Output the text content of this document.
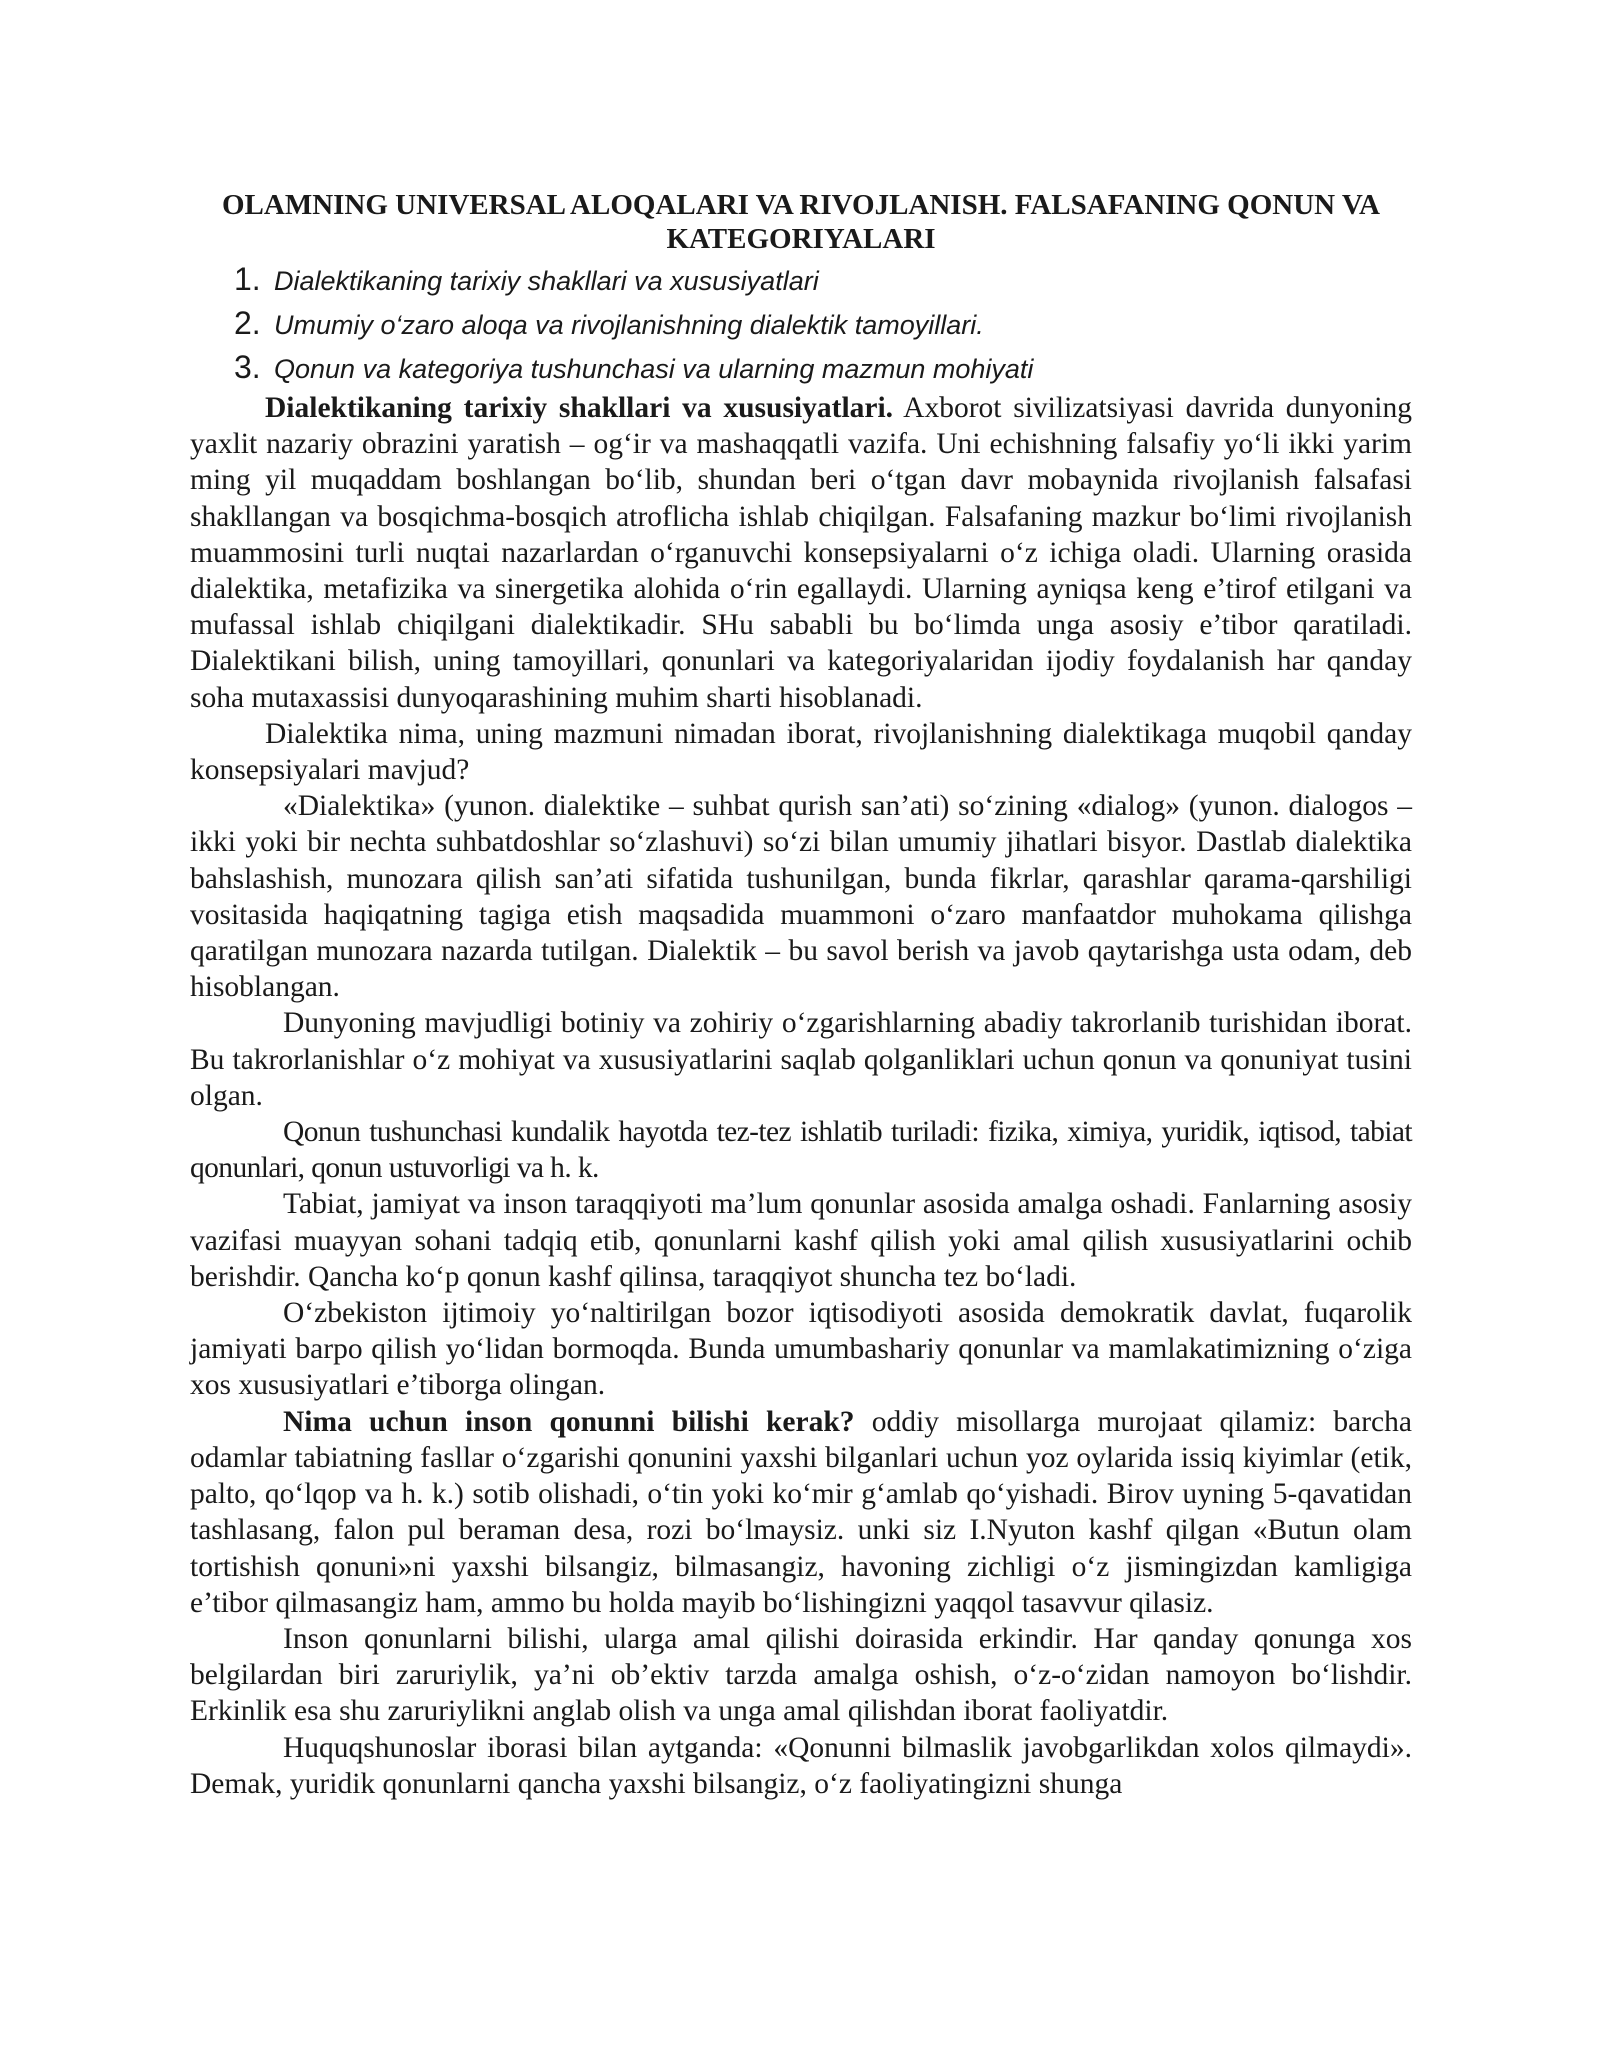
OLAMNING UNIVERSAL ALOQALARI VA RIVOJLANISH. FALSAFANING QONUN VA KATEGORIYALARI
1. Dialektikaning tarixiy shakllari va xususiyatlari
2. Umumiy o‘zaro aloqa va rivojlanishning dialektik tamoyillari.
3. Qonun va kategoriya tushunchasi va ularning mazmun mohiyati

Dialektikaning tarixiy shakllari va xususiyatlari. Axborot sivilizatsiyasi davrida dunyoning yaxlit nazariy obrazini yaratish – og‘ir va mashaqqatli vazifa. Uni echishning falsafiy yo‘li ikki yarim ming yil muqaddam boshlangan bo‘lib, shundan beri o‘tgan davr mobaynida rivojlanish falsafasi shakllangan va bosqichma-bosqich atroflicha ishlab chiqilgan. Falsafaning mazkur bo‘limi rivojlanish muammosini turli nuqtai nazarlardan o‘rganuvchi konsepsiyalarni o‘z ichiga oladi. Ularning orasida dialektika, metafizika va sinergetika alohida o‘rin egallaydi. Ularning ayniqsa keng e’tirof etilgani va mufassal ishlab chiqilgani dialektikadir. SHu sababli bu bo‘limda unga asosiy e’tibor qaratiladi. Dialektikani bilish, uning tamoyillari, qonunlari va kategoriyalaridan ijodiy foydalanish har qanday soha mutaxassisi dunyoqarashining muhim sharti hisoblanadi.

Dialektika nima, uning mazmuni nimadan iborat, rivojlanishning dialektikaga muqobil qanday konsepsiyalari mavjud?

«Dialektika» (yunon. dialektike – suhbat qurish san’ati) so‘zining «dialog» (yunon. dialogos – ikki yoki bir nechta suhbatdoshlar so‘zlashuvi) so‘zi bilan umumiy jihatlari bisyor. Dastlab dialektika bahslashish, munozara qilish san’ati sifatida tushunilgan, bunda fikrlar, qarashlar qarama-qarshiligi vositasida haqiqatning tagiga etish maqsadida muammoni o‘zaro manfaatdor muhokama qilishga qaratilgan munozara nazarda tutilgan. Dialektik – bu savol berish va javob qaytarishga usta odam, deb hisoblangan.

Dunyoning mavjudligi botiniy va zohiriy o‘zgarishlarning abadiy takrorlanib turishidan iborat. Bu takrorlanishlar o‘z mohiyat va xususiyatlarini saqlab qolganliklari uchun qonun va qonuniyat tusini olgan.

Qonun tushunchasi kundalik hayotda tez-tez ishlatib turiladi: fizika, ximiya, yuridik, iqtisod, tabiat qonunlari, qonun ustuvorligi va h. k.

Tabiat, jamiyat va inson taraqqiyoti ma’lum qonunlar asosida amalga oshadi. Fanlarning asosiy vazifasi muayyan sohani tadqiq etib, qonunlarni kashf qilish yoki amal qilish xususiyatlarini ochib berishdir. Qancha ko‘p qonun kashf qilinsa, taraqqiyot shuncha tez bo‘ladi.

O‘zbekiston ijtimoiy yo‘naltirilgan bozor iqtisodiyoti asosida demokratik davlat, fuqarolik jamiyati barpo qilish yo‘lidan bormoqda. Bunda umumbashariy qonunlar va mamlakatimizning o‘ziga xos xususiyatlari e’tiborga olingan.

Nima uchun inson qonunni bilishi kerak? oddiy misollarga murojaat qilamiz: barcha odamlar tabiatning fasllar o‘zgarishi qonunini yaxshi bilganlari uchun yoz oylarida issiq kiyimlar (etik, palto, qo‘lqop va h. k.) sotib olishadi, o‘tin yoki ko‘mir g‘amlab qo‘yishadi. Birov uyning 5-qavatidan tashlasang, falon pul beraman desa, rozi bo‘lmaysiz. unki siz I.Nyuton kashf qilgan «Butun olam tortishish qonuni»ni yaxshi bilsangiz, bilmasangiz, havoning zichligi o‘z jismingizdan kamligiga e’tibor qilmasangiz ham, ammo bu holda mayib bo‘lishingizni yaqqol tasavvur qilasiz.

Inson qonunlarni bilishi, ularga amal qilishi doirasida erkindir. Har qanday qonunga xos belgilardan biri zaruriylik, ya’ni ob’ektiv tarzda amalga oshish, o‘z-o‘zidan namoyon bo‘lishdir. Erkinlik esa shu zaruriylikni anglab olish va unga amal qilishdan iborat faoliyatdir.

Huquqshunoslar iborasi bilan aytganda: «Qonunni bilmaslik javobgarlikdan xolos qilmaydi». Demak, yuridik qonunlarni qancha yaxshi bilsangiz, o‘z faoliyatingizni shunga
